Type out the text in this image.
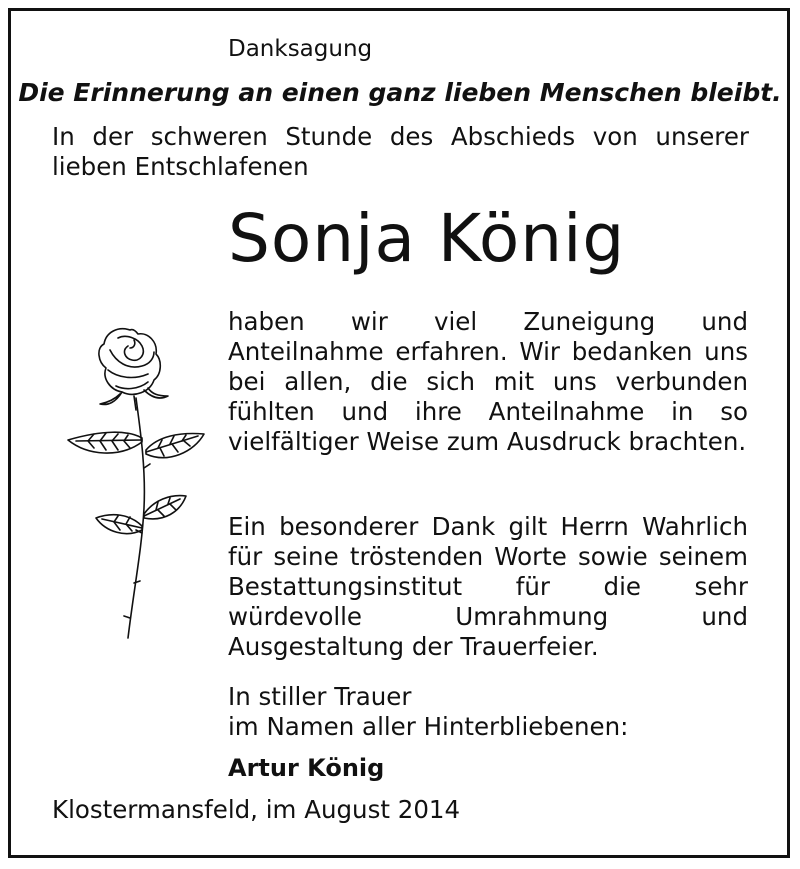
Danksagung
Die Erinnerung an einen ganz lieben Menschen bleibt.
In der schweren Stunde des Abschieds von unserer lieben Entschlafenen
Sonja König
haben wir viel Zuneigung und Anteilnahme erfahren. Wir bedanken uns bei allen, die sich mit uns verbunden fühlten und ihre Anteilnahme in so vielfältiger Weise zum Ausdruck brachten.
Ein besonderer Dank gilt Herrn Wahrlich für seine tröstenden Worte sowie seinem Bestattungsinstitut für die sehr würdevolle Umrahmung und Ausgestaltung der Trauerfeier.
In stiller Trauer
im Namen aller Hinterbliebenen:
Artur König
Klostermansfeld, im August 2014
